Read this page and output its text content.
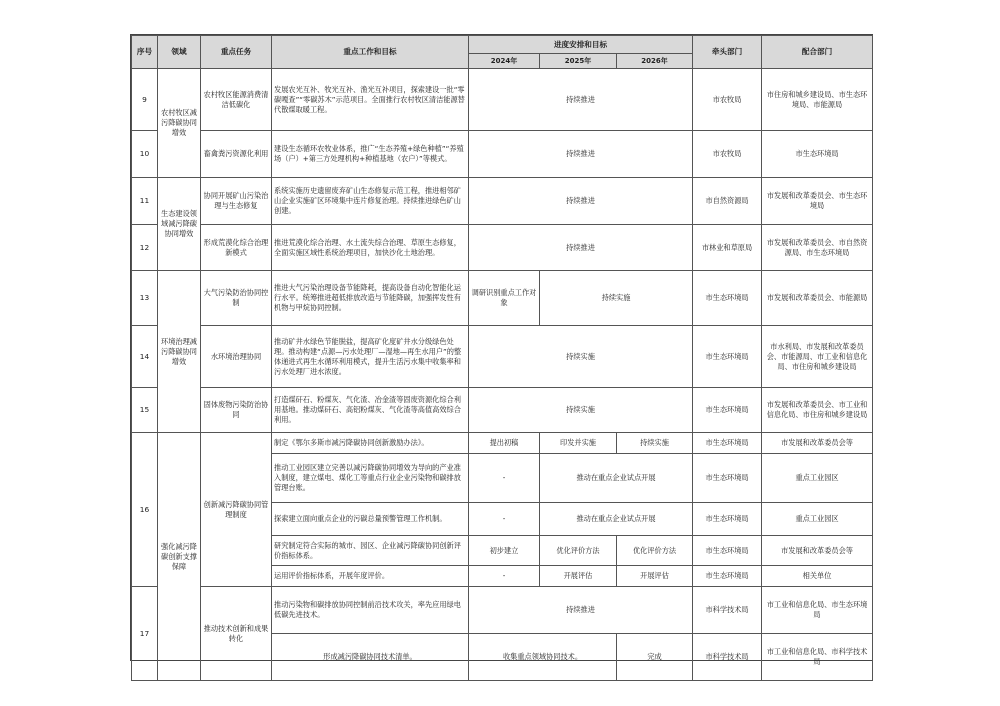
序号	领域	重点任务	重点工作和目标	进度安排和目标			牵头部门	配合部门
				2024年	2025年	2026年		
9	农村牧区减污降碳协同增效	农村牧区能源消费清洁低碳化	发展农光互补、牧光互补、渔光互补项目，探索建设一批“零碳嘎查”“零碳苏木”示范项目。全面推行农村牧区清洁能源替代散煤取暖工程。	持续推进			市农牧局	市住房和城乡建设局、市生态环境局、市能源局
10		畜禽粪污资源化利用	建设生态循环农牧业体系，推广“生态养殖+绿色种植”“养殖场（户）+第三方处理机构+种植基地（农户）”等模式。	持续推进			市农牧局	市生态环境局
11	生态建设领域减污降碳协同增效	协同开展矿山污染治理与生态修复	系统实施历史遗留废弃矿山生态修复示范工程，推进相邻矿山企业实施矿区环境集中连片修复治理。持续推进绿色矿山创建。	持续推进			市自然资源局	市发展和改革委员会、市生态环境局
12		形成荒漠化综合治理新模式	推进荒漠化综合治理、水土流失综合治理、草原生态修复，全面实施区域性系统治理项目，加快沙化土地治理。	持续推进			市林业和草原局	市发展和改革委员会、市自然资源局、市生态环境局
13	环境治理减污降碳协同增效	大气污染防治协同控制	推进大气污染治理设备节能降耗，提高设备自动化智能化运行水平。统筹推进超低排放改造与节能降碳，加强挥发性有机物与甲烷协同控制。	调研识别重点工作对象	持续实施		市生态环境局	市发展和改革委员会、市能源局
14		水环境治理协同	推动矿井水绿色节能脱盐，提高矿化度矿井水分级绿色处理。推动构建“点源—污水处理厂—湿地—再生水用户”的整体递进式再生水循环利用模式，提升生活污水集中收集率和污水处理厂进水浓度。	持续实施			市生态环境局	市水利局、市发展和改革委员会、市能源局、市工业和信息化局、市住房和城乡建设局
15		固体废物污染防治协同	打造煤矸石、粉煤灰、气化渣、冶金渣等固废资源化综合利用基地。推动煤矸石、高铝粉煤灰、气化渣等高值高效综合利用。	持续实施			市生态环境局	市发展和改革委员会、市工业和信息化局、市住房和城乡建设局
16	强化减污降碳创新支撑保障	创新减污降碳协同管理制度	制定《鄂尔多斯市减污降碳协同创新激励办法》。	提出初稿	印发并实施	持续实施	市生态环境局	市发展和改革委员会等
			推动工业园区建立完善以减污降碳协同增效为导向的产业准入制度，建立煤电、煤化工等重点行业企业污染物和碳排放管理台账。	-	推动在重点企业试点开展		市生态环境局	重点工业园区
			探索建立面向重点企业的污碳总量预警管理工作机制。	-	推动在重点企业试点开展		市生态环境局	重点工业园区
			研究制定符合实际的城市、园区、企业减污降碳协同创新评价指标体系。	初步建立	优化评价方法	优化评价方法	市生态环境局	市发展和改革委员会等
			运用评价指标体系，开展年度评价。	-	开展评估	开展评估	市生态环境局	相关单位
17		推动技术创新和成果转化	推动污染物和碳排放协同控制前沿技术攻关，率先应用绿电低碳先进技术。	持续推进			市科学技术局	市工业和信息化局、市生态环境局
			形成减污降碳协同技术清单。	收集重点领域协同技术。		完成	市科学技术局	市工业和信息化局、市科学技术局
